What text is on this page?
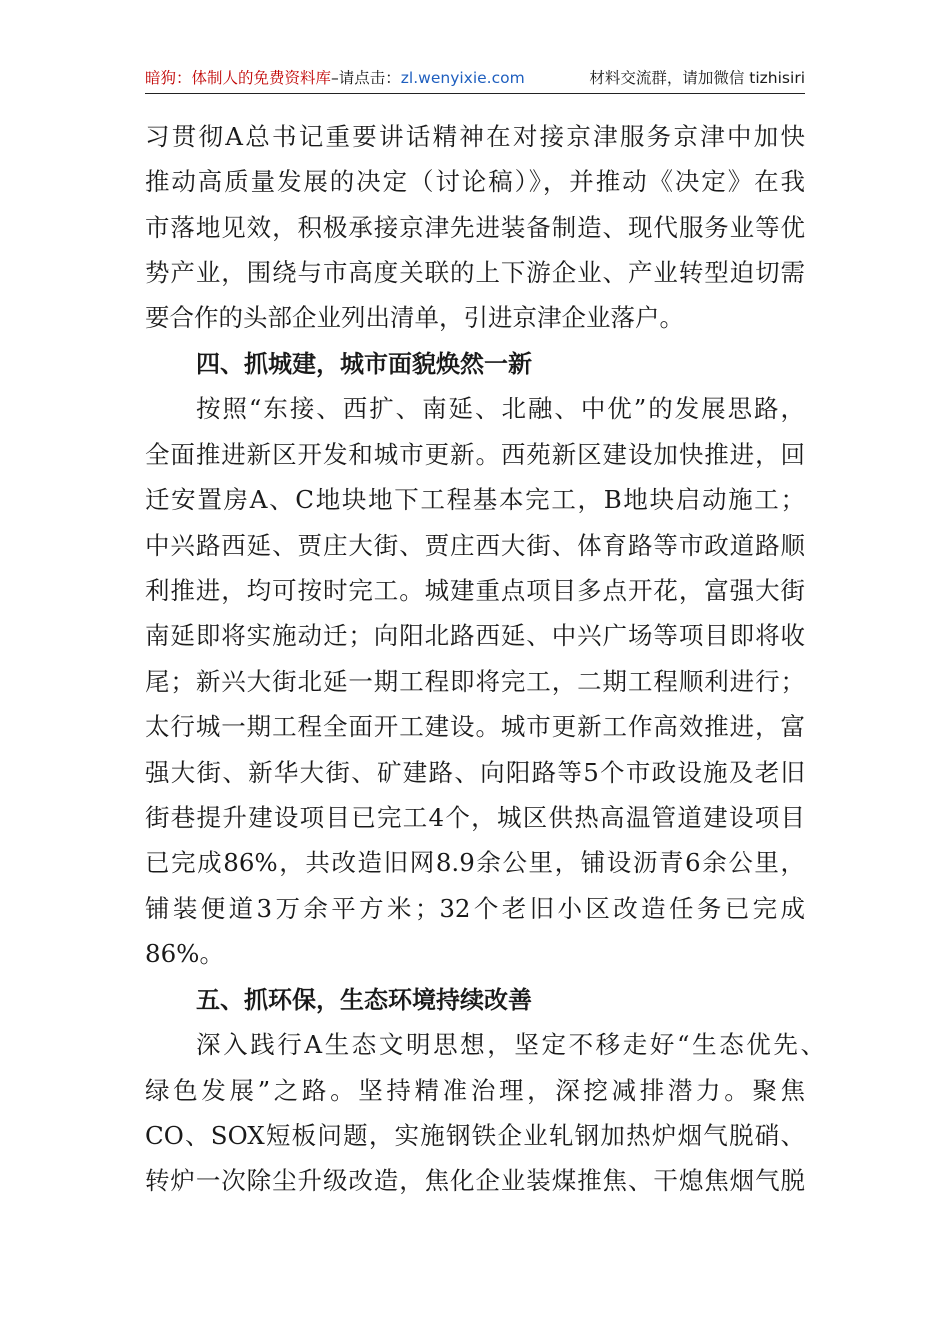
暗狗：体制人的免费资料库–请点击：zl.wenyixie.com	材料交流群，请加微信 tizhisiri
习贯彻A总书记重要讲话精神在对接京津服务京津中加快
推动高质量发展的决定（讨论稿）》，并推动《决定》在我
市落地见效，积极承接京津先进装备制造、现代服务业等优
势产业，围绕与市高度关联的上下游企业、产业转型迫切需
要合作的头部企业列出清单，引进京津企业落户。
四、抓城建，城市面貌焕然一新
按照“东接、西扩、南延、北融、中优”的发展思路，
全面推进新区开发和城市更新。西苑新区建设加快推进，回
迁安置房A、C地块地下工程基本完工，B地块启动施工；
中兴路西延、贾庄大街、贾庄西大街、体育路等市政道路顺
利推进，均可按时完工。城建重点项目多点开花，富强大街
南延即将实施动迁；向阳北路西延、中兴广场等项目即将收
尾；新兴大街北延一期工程即将完工，二期工程顺利进行；
太行城一期工程全面开工建设。城市更新工作高效推进，富
强大街、新华大街、矿建路、向阳路等5个市政设施及老旧
街巷提升建设项目已完工4个，城区供热高温管道建设项目
已完成86%，共改造旧网8.9余公里，铺设沥青6余公里，
铺装便道3万余平方米；32个老旧小区改造任务已完成
86%。
五、抓环保，生态环境持续改善
深入践行A生态文明思想，坚定不移走好“生态优先、
绿色发展”之路。坚持精准治理，深挖减排潜力。聚焦
CO、SOX短板问题，实施钢铁企业轧钢加热炉烟气脱硝、
转炉一次除尘升级改造，焦化企业装煤推焦、干熄焦烟气脱
